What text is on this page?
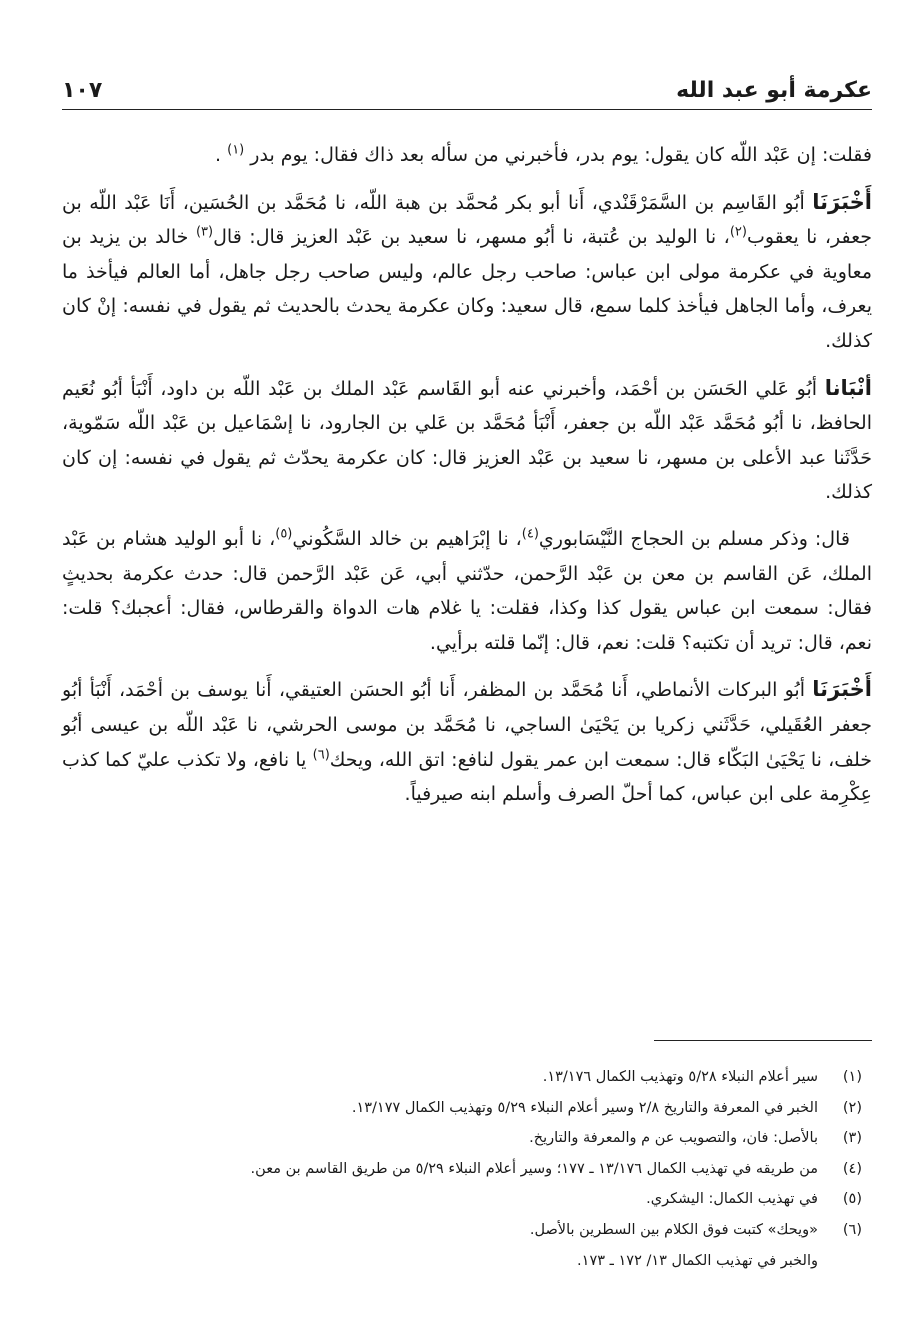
عكرمة أبو عبد الله
١٠٧

فقلت: إن عَبْد اللّه كان يقول: يوم بدر، فأخبرني من سأله بعد ذاك فقال: يوم بدر $^{(١)}$ .

أَخْبَرَنَا أبُو القَاسِم بن السَّمَرْقَنْدي، أَنا أبو بكر مُحمَّد بن هبة اللّه، نا مُحَمَّد بن الحُسَين، أَنَا عَبْد اللّه بن جعفر، نا يعقوب$^{(٢)}$، نا الوليد بن عُتبة، نا أبُو مسهر، نا سعيد بن عَبْد العزيز قال: قال$^{(٣)}$ خالد بن يزيد بن معاوية في عكرمة مولى ابن عباس: صاحب رجل عالم، وليس صاحب رجل جاهل، أما العالم فيأخذ ما يعرف، وأما الجاهل فيأخذ كلما سمع، قال سعيد: وكان عكرمة يحدث بالحديث ثم يقول في نفسه: إنْ كان كذلك.

أنْبَانا أبُو عَلي الحَسَن بن أحْمَد، وأخبرني عنه أبو القَاسم عَبْد الملك بن عَبْد اللّه بن داود، أَنْبَأ أبُو نُعَيم الحافظ، نا أبُو مُحَمَّد عَبْد اللّه بن جعفر، أَنْبَأ مُحَمَّد بن عَلي بن الجارود، نا إسْمَاعيل بن عَبْد اللّه سَمّوية، حَدَّثَنا عبد الأعلى بن مسهر، نا سعيد بن عَبْد العزيز قال: كان عكرمة يحدّث ثم يقول في نفسه: إن كان كذلك.

قال: وذكر مسلم بن الحجاج النَّيْسَابوري$^{(٤)}$، نا إبْرَاهيم بن خالد السَّكُوني$^{(٥)}$، نا أبو الوليد هشام بن عَبْد الملك، عَن القاسم بن معن بن عَبْد الرَّحمن، حدّثني أبي، عَن عَبْد الرَّحمن قال: حدث عكرمة بحديثٍ فقال: سمعت ابن عباس يقول كذا وكذا، فقلت: يا غلام هات الدواة والقرطاس، فقال: أعجبك؟ قلت: نعم، قال: تريد أن تكتبه؟ قلت: نعم، قال: إنّما قلته برأيي.

أَخْبَرَنَا أبُو البركات الأنماطي، أَنا مُحَمَّد بن المظفر، أَنا أبُو الحسَن العتيقي، أَنا يوسف بن أحْمَد، أَنْبَأ أبُو جعفر العُقَيلي، حَدَّثَني زكريا بن يَحْيَىٰ الساجي، نا مُحَمَّد بن موسى الحرشي، نا عَبْد اللّه بن عيسى أبُو خلف، نا يَحْيَىٰ البَكّاء قال: سمعت ابن عمر يقول لنافع: اتق الله، ويحك$^{(٦)}$ يا نافع، ولا تكذب عليّ كما كذب عِكْرِمة على ابن عباس، كما أحلّ الصرف وأسلم ابنه صيرفياً.

(١)
سير أعلام النبلاء ٥/٢٨ وتهذيب الكمال ١٣/١٧٦.
(٢)
الخبر في المعرفة والتاريخ ٢/٨ وسير أعلام النبلاء ٥/٢٩ وتهذيب الكمال ١٣/١٧٧.
(٣)
بالأصل: فان، والتصويب عن م والمعرفة والتاريخ.
(٤)
من طريقه في تهذيب الكمال ١٣/١٧٦ ـ ١٧٧؛ وسير أعلام النبلاء ٥/٢٩ من طريق القاسم بن معن.
(٥)
في تهذيب الكمال: اليشكري.
(٦)
«ويحك» كتبت فوق الكلام بين السطرين بالأصل.
والخبر في تهذيب الكمال ١٣/ ١٧٢ ـ ١٧٣.
